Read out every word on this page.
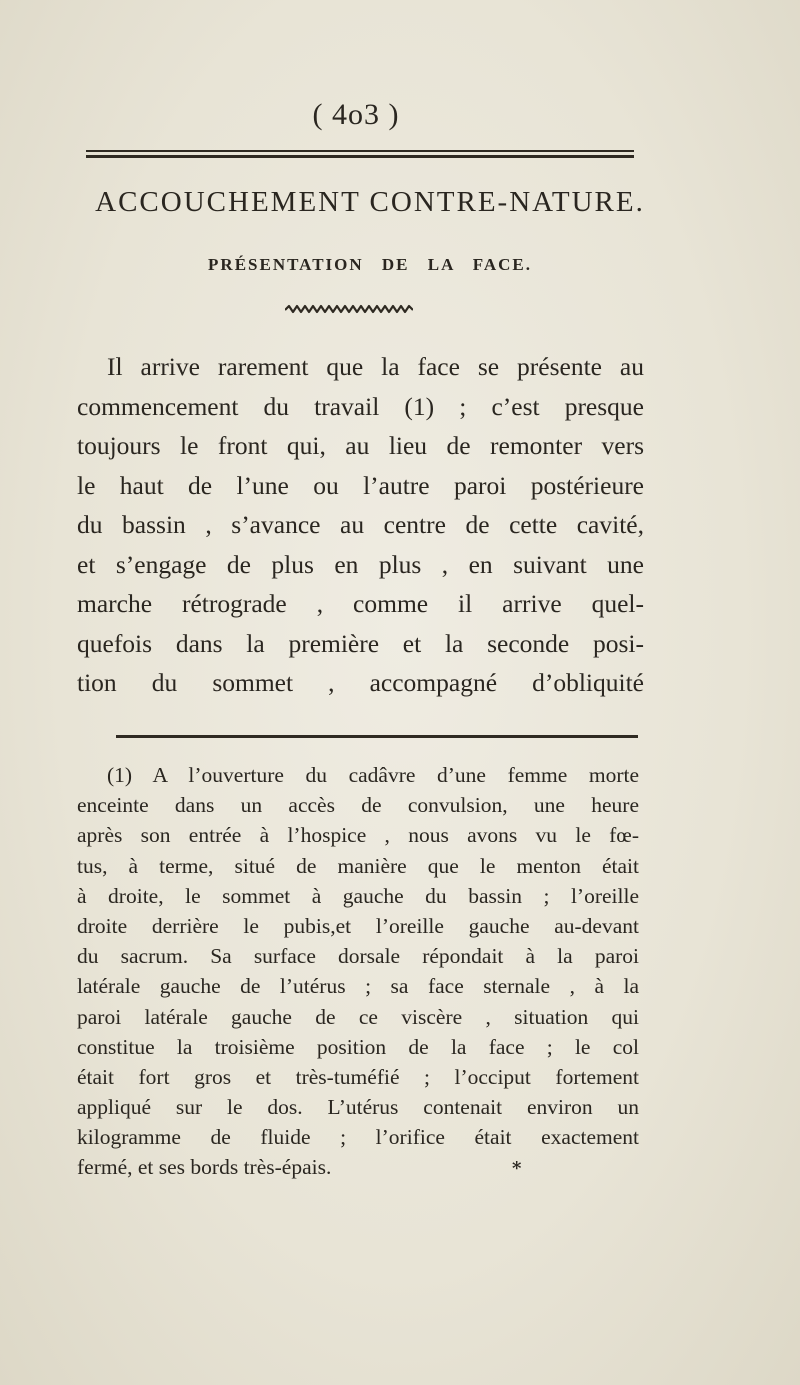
( 4o3 )
ACCOUCHEMENT CONTRE-NATURE.
PRÉSENTATION DE LA FACE.
Il arrive rarement que la face se présente au
commencement du travail (1) ; c’est presque
toujours le front qui, au lieu de remonter vers
le haut de l’une ou l’autre paroi postérieure
du bassin , s’avance au centre de cette cavité,
et s’engage de plus en plus , en suivant une
marche rétrograde , comme il arrive quel-
quefois dans la première et la seconde posi-
tion du sommet , accompagné d’obliquité
(1) A l’ouverture du cadâvre d’une femme morte
enceinte dans un accès de convulsion, une heure
après son entrée à l’hospice , nous avons vu le fœ-
tus, à terme, situé de manière que le menton était
à droite, le sommet à gauche du bassin ; l’oreille
droite derrière le pubis,et l’oreille gauche au-devant
du sacrum. Sa surface dorsale répondait à la paroi
latérale gauche de l’utérus ; sa face sternale , à la
paroi latérale gauche de ce viscère , situation qui
constitue la troisième position de la face ; le col
était fort gros et très-tuméfié ; l’occiput fortement
appliqué sur le dos. L’utérus contenait environ un
kilogramme de fluide ; l’orifice était exactement
fermé, et ses bords très-épais.	*
